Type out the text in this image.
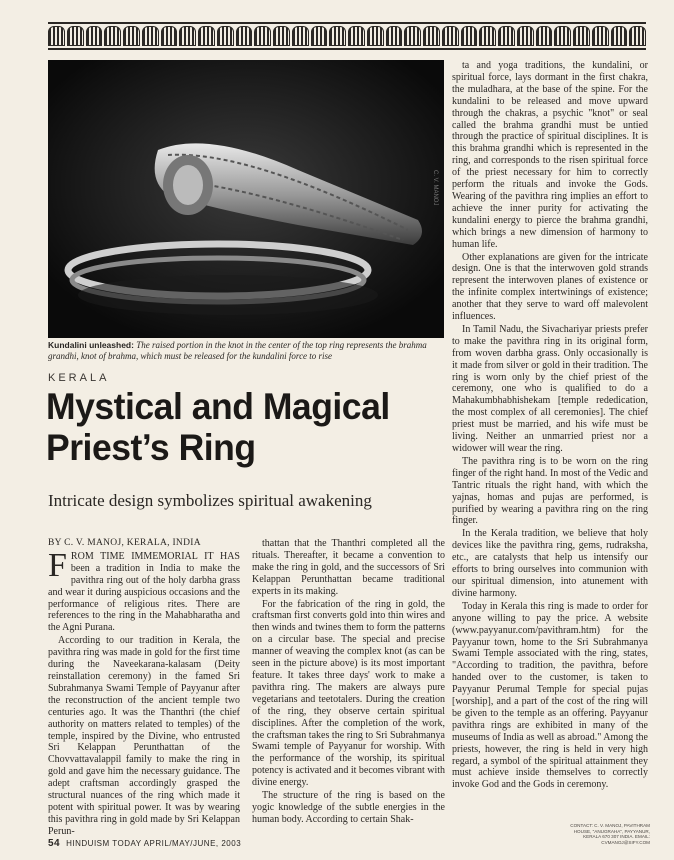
C. V. MANOJ
Kundalini unleashed: The raised portion in the knot in the center of the top ring represents the brahma grandhi, knot of brahma, which must be released for the kundalini force to rise
KERALA
Mystical and Magical Priest’s Ring
Intricate design symbolizes spiritual awakening
BY C. V. MANOJ, KERALA, INDIA

FROM TIME IMMEMORIAL IT HAS been a tradition in India to make the pavithra ring out of the holy darbha grass and wear it during auspicious occasions and the performance of religious rites. There are references to the ring in the Mahabharatha and the Agni Purana.

According to our tradition in Kerala, the pavithra ring was made in gold for the first time during the Naveekarana-kalasam (Deity reinstallation ceremony) in the famed Sri Subrahmanya Swami Temple of Payyanur after the reconstruction of the ancient temple two centuries ago. It was the Thanthri (the chief authority on matters related to temples) of the temple, inspired by the Divine, who entrusted Sri Kelappan Perunthattan of the Chovvattavalappil family to make the ring in gold and gave him the necessary guidance. The adept craftsman accordingly grasped the structural nuances of the ring which made it potent with spiritual power. It was by wearing this pavithra ring in gold made by Sri Kelappan Perun-

thattan that the Thanthri completed all the rituals. Thereafter, it became a convention to make the ring in gold, and the successors of Sri Kelappan Perunthattan became traditional experts in its making.

For the fabrication of the ring in gold, the craftsman first converts gold into thin wires and then winds and twines them to form the patterns on a circular base. The special and precise manner of weaving the complex knot (as can be seen in the picture above) is its most important feature. It takes three days' work to make a pavithra ring. The makers are always pure vegetarians and teetotalers. During the creation of the ring, they observe certain spiritual disciplines. After the completion of the work, the craftsman takes the ring to Sri Subrahmanya Swami temple of Payyanur for worship. With the performance of the worship, its spiritual potency is activated and it becomes vibrant with divine energy.

The structure of the ring is based on the yogic knowledge of the subtle energies in the human body. According to certain Shak-

ta and yoga traditions, the kundalini, or spiritual force, lays dormant in the first chakra, the muladhara, at the base of the spine. For the kundalini to be released and move upward through the chakras, a psychic "knot" or seal called the brahma grandhi must be untied through the practice of spiritual disciplines. It is this brahma grandhi which is represented in the ring, and corresponds to the risen spiritual force of the priest necessary for him to correctly perform the rituals and invoke the Gods. Wearing of the pavithra ring implies an effort to achieve the inner purity for activating the kundalini energy to pierce the brahma grandhi, which brings a new dimension of harmony to human life.

Other explanations are given for the intricate design. One is that the interwoven gold strands represent the interwoven planes of existence or the infinite complex intertwinings of existence; another that they serve to ward off malevolent influences.

In Tamil Nadu, the Sivachariyar priests prefer to make the pavithra ring in its original form, from woven darbha grass. Only occasionally is it made from silver or gold in their tradition. The ring is worn only by the chief priest of the ceremony, one who is qualified to do a Mahakumbhabhishekam [temple rededication, the most complex of all ceremonies]. The chief priest must be married, and his wife must be living. Neither an unmarried priest nor a widower will wear the ring.

The pavithra ring is to be worn on the ring finger of the right hand. In most of the Vedic and Tantric rituals the right hand, with which the yajnas, homas and pujas are performed, is purified by wearing a pavithra ring on the ring finger.

In the Kerala tradition, we believe that holy devices like the pavithra ring, gems, rudraksha, etc., are catalysts that help us intensify our efforts to bring ourselves into communion with our spiritual dimension, into atunement with divine harmony.

Today in Kerala this ring is made to order for anyone willing to pay the price. A website (www.payyanur.com/pavithram.htm) for the Payyanur town, home to the Sri Subrahmanya Swami Temple associated with the ring, states, "According to tradition, the pavithra, before handed over to the customer, is taken to Payyanur Perumal Temple for special pujas [worship], and a part of the cost of the ring will be given to the temple as an offering. Payyanur pavithra rings are exhibited in many of the museums of India as well as abroad." Among the priests, however, the ring is held in very high regard, a symbol of the spiritual attainment they must achieve inside themselves to correctly invoke God and the Gods in ceremony.

CONTACT: C. V. MANOJ, PAVITHRAM HOUSE, "ANUGRAHA", PAYYANUR, KERALA 670 307 INDIA. EMAIL: CVMANOJ@SIFY.COM
54 HINDUISM TODAY APRIL/MAY/JUNE, 2003
